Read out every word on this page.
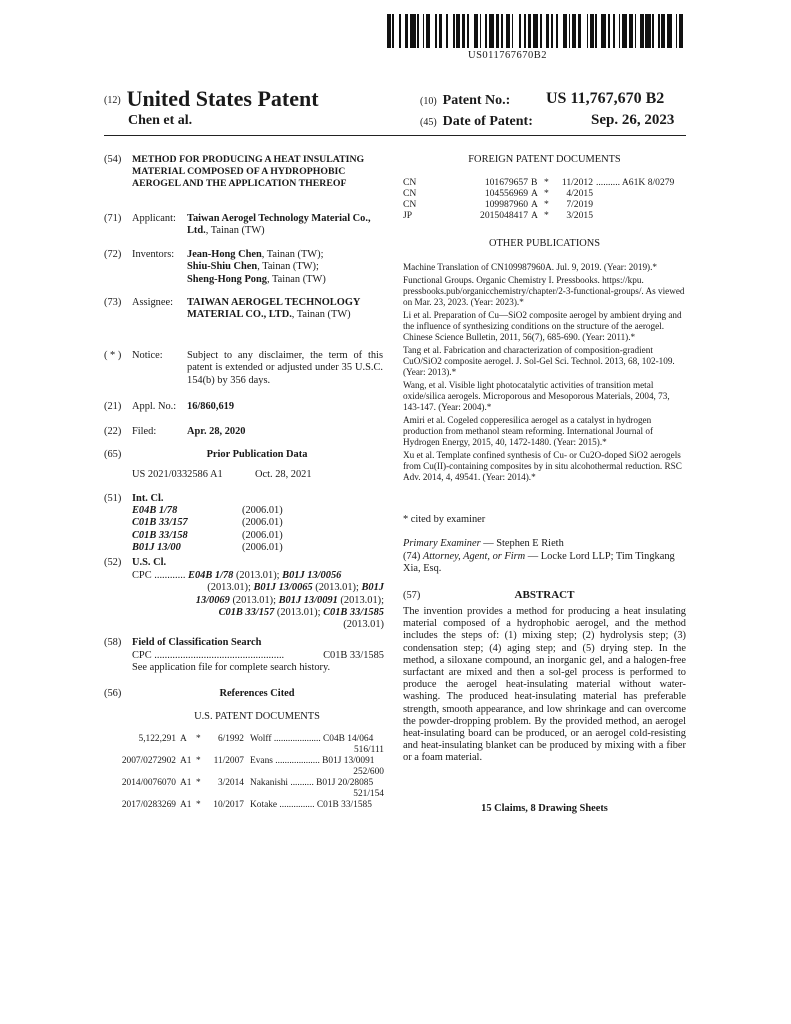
US011767670B2
(12) United States Patent
Chen et al.
(10) Patent No.: US 11,767,670 B2
(45) Date of Patent:	Sep. 26, 2023
(54)	METHOD FOR PRODUCING A HEAT INSULATING MATERIAL COMPOSED OF A HYDROPHOBIC AEROGEL AND THE APPLICATION THEREOF
(71)	Applicant: Taiwan Aerogel Technology Material Co., Ltd., Tainan (TW)
(72)	Inventors: Jean-Hong Chen, Tainan (TW);
Shiu-Shiu Chen, Tainan (TW);
Sheng-Hong Pong, Tainan (TW)
(73)	Assignee: TAIWAN AEROGEL TECHNOLOGY MATERIAL CO., LTD., Tainan (TW)
( * )	Notice: Subject to any disclaimer, the term of this patent is extended or adjusted under 35 U.S.C. 154(b) by 356 days.
(21)	Appl. No.: 16/860,619
(22)	Filed:	Apr. 28, 2020
(65)	Prior Publication Data
US 2021/0332586 A1	Oct. 28, 2021
(51)	Int. Cl.
E04B 1/78	(2006.01)
C01B 33/157	(2006.01)
C01B 33/158	(2006.01)
B01J 13/00	(2006.01)
(52)	U.S. Cl.
CPC ............ E04B 1/78 (2013.01); B01J 13/0056
(2013.01); B01J 13/0065 (2013.01); B01J
13/0069 (2013.01); B01J 13/0091 (2013.01);
C01B 33/157 (2013.01); C01B 33/1585
(2013.01)
(58)	Field of Classification Search
CPC ..................................................	C01B 33/1585
See application file for complete search history.
(56)	References Cited
U.S. PATENT DOCUMENTS
5,122,291	A	*	6/1992	Wolff .................... C04B 14/064
516/111				
2007/0272902	A1	*	11/2007	Evans ................... B01J 13/0091
252/600				
2014/0076070	A1	*	3/2014	Nakanishi .......... B01J 20/28085
521/154				
2017/0283269	A1	*	10/2017	Kotake ............... C01B 33/1585
FOREIGN PATENT DOCUMENTS
CN	101679657	B	*	11/2012	.......... A61K 8/0279
CN	104556969	A	*	4/2015	
CN	109987960	A	*	7/2019	
JP	2015048417	A	*	3/2015	
OTHER PUBLICATIONS

Machine Translation of CN109987960A. Jul. 9, 2019. (Year: 2019).*

Functional Groups. Organic Chemistry I. Pressbooks. https://kpu. pressbooks.pub/organicchemistry/chapter/2-3-functional-groups/. As viewed on Mar. 23, 2023. (Year: 2023).*

Li et al. Preparation of Cu—SiO2 composite aerogel by ambient drying and the influence of synthesizing conditions on the structure of the aerogel. Chinese Science Bulletin, 2011, 56(7), 685-690. (Year: 2011).*

Tang et al. Fabrication and characterization of composition-gradient CuO/SiO2 composite aerogel. J. Sol-Gel Sci. Technol. 2013, 68, 102-109. (Year: 2013).*

Wang, et al. Visible light photocatalytic activities of transition metal oxide/silica aerogels. Microporous and Mesoporous Materials, 2004, 73, 143-147. (Year: 2004).*

Amiri et al. Cogeled copperesilica aerogel as a catalyst in hydrogen production from methanol steam reforming. International Journal of Hydrogen Energy, 2015, 40, 1472-1480. (Year: 2015).*

Xu et al. Template confined synthesis of Cu- or Cu2O-doped SiO2 aerogels from Cu(II)-containing composites by in situ alcohothermal reduction. RSC Adv. 2014, 4, 49541. (Year: 2014).*

* cited by examiner
Primary Examiner — Stephen E Rieth
(74) Attorney, Agent, or Firm — Locke Lord LLP; Tim Tingkang Xia, Esq.
(57)	ABSTRACT
The invention provides a method for producing a heat insulating material composed of a hydrophobic aerogel, and the method includes the steps of: (1) mixing step; (2) hydrolysis step; (3) condensation step; (4) aging step; and (5) drying step. In the method, a siloxane compound, an inorganic gel, and a halogen-free surfactant are mixed and then a sol-gel process is performed to produce the aerogel heat-insulating material without water-washing. The produced heat-insulating material has preferable strength, smooth appearance, and low shrinkage and can overcome the powder-dropping problem. By the provided method, an aerogel heat-insulating board can be produced, or an aerogel cold-resisting and heat-insulating blanket can be produced by mixing with a fiber or a foam material.
15 Claims, 8 Drawing Sheets
